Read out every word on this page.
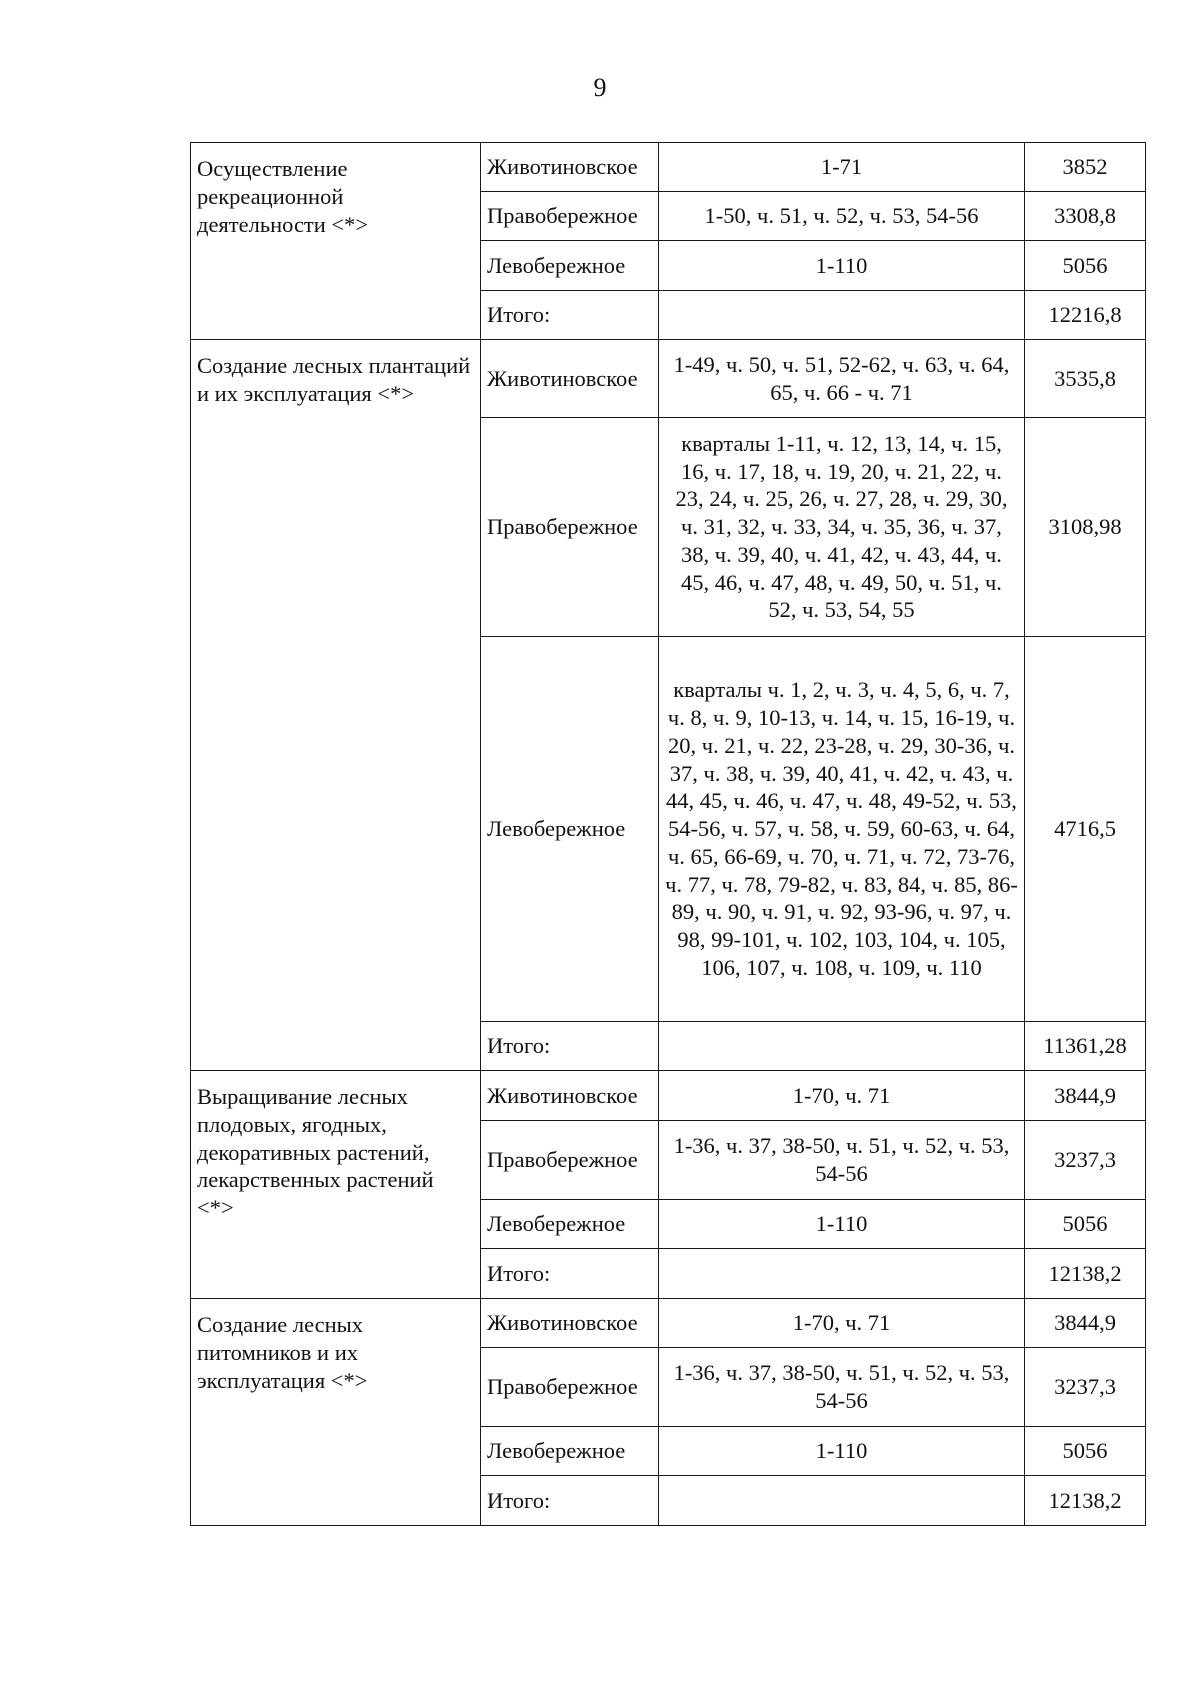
9
Осуществление рекреационной деятельности <*>	Животиновское	1-71	3852
	Правобережное	1-50, ч. 51, ч. 52, ч. 53, 54-56	3308,8
	Левобережное	1-110	5056
	Итого:		12216,8
Создание лесных плантаций и их эксплуатация <*>	Животиновское	1-49, ч. 50, ч. 51, 52-62, ч. 63, ч. 64, 65, ч. 66 - ч. 71	3535,8
	Правобережное	кварталы 1-11, ч. 12, 13, 14, ч. 15, 16, ч. 17, 18, ч. 19, 20, ч. 21, 22, ч. 23, 24, ч. 25, 26, ч. 27, 28, ч. 29, 30, ч. 31, 32, ч. 33, 34, ч. 35, 36, ч. 37, 38, ч. 39, 40, ч. 41, 42, ч. 43, 44, ч. 45, 46, ч. 47, 48, ч. 49, 50, ч. 51, ч. 52, ч. 53, 54, 55	3108,98
	Левобережное	кварталы ч. 1, 2, ч. 3, ч. 4, 5, 6, ч. 7, ч. 8, ч. 9, 10-13, ч. 14, ч. 15, 16-19, ч. 20, ч. 21, ч. 22, 23-28, ч. 29, 30-36, ч. 37, ч. 38, ч. 39, 40, 41, ч. 42, ч. 43, ч. 44, 45, ч. 46, ч. 47, ч. 48, 49-52, ч. 53, 54-56, ч. 57, ч. 58, ч. 59, 60-63, ч. 64, ч. 65, 66-69, ч. 70, ч. 71, ч. 72, 73-76, ч. 77, ч. 78, 79-82, ч. 83, 84, ч. 85, 86-89, ч. 90, ч. 91, ч. 92, 93-96, ч. 97, ч. 98, 99-101, ч. 102, 103, 104, ч. 105, 106, 107, ч. 108, ч. 109, ч. 110	4716,5
	Итого:		11361,28
Выращивание лесных плодовых, ягодных, декоративных растений, лекарственных растений <*>	Животиновское	1-70, ч. 71	3844,9
	Правобережное	1-36, ч. 37, 38-50, ч. 51, ч. 52, ч. 53, 54-56	3237,3
	Левобережное	1-110	5056
	Итого:		12138,2
Создание лесных питомников и их эксплуатация <*>	Животиновское	1-70, ч. 71	3844,9
	Правобережное	1-36, ч. 37, 38-50, ч. 51, ч. 52, ч. 53, 54-56	3237,3
	Левобережное	1-110	5056
	Итого:		12138,2
